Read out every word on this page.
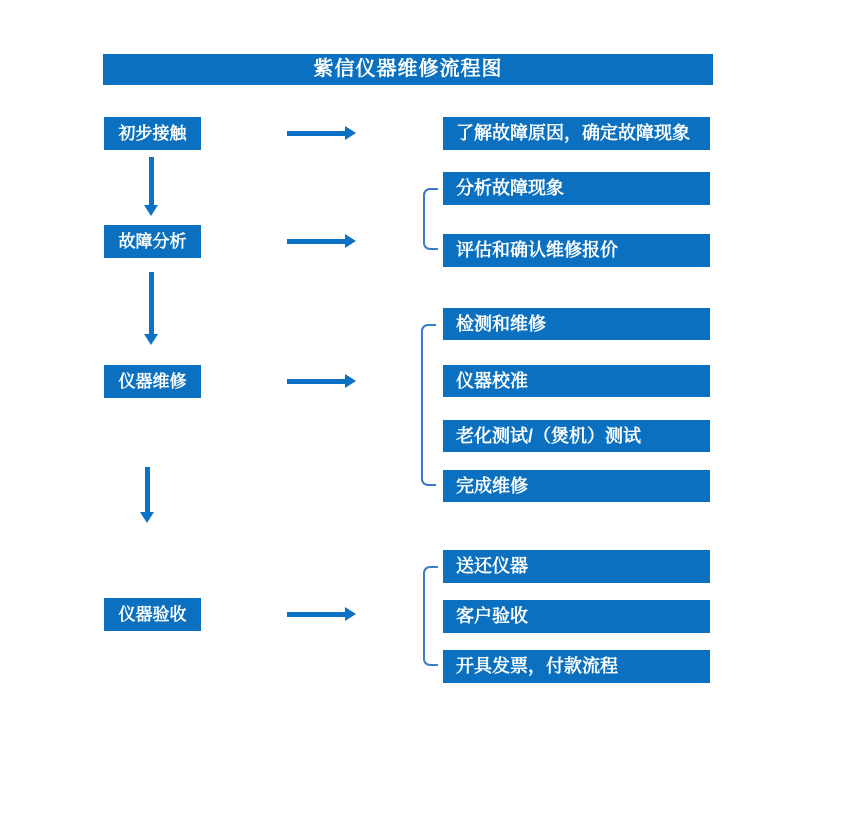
紫信仪器维修流程图
初步接触	了解故障原因，确定故障现象
故障分析
分析故障现象
评估和确认维修报价
仪器维修
检测和维修
仪器校准
老化测试/（煲机）测试
完成维修
仪器验收
送还仪器
客户验收
开具发票，付款流程
